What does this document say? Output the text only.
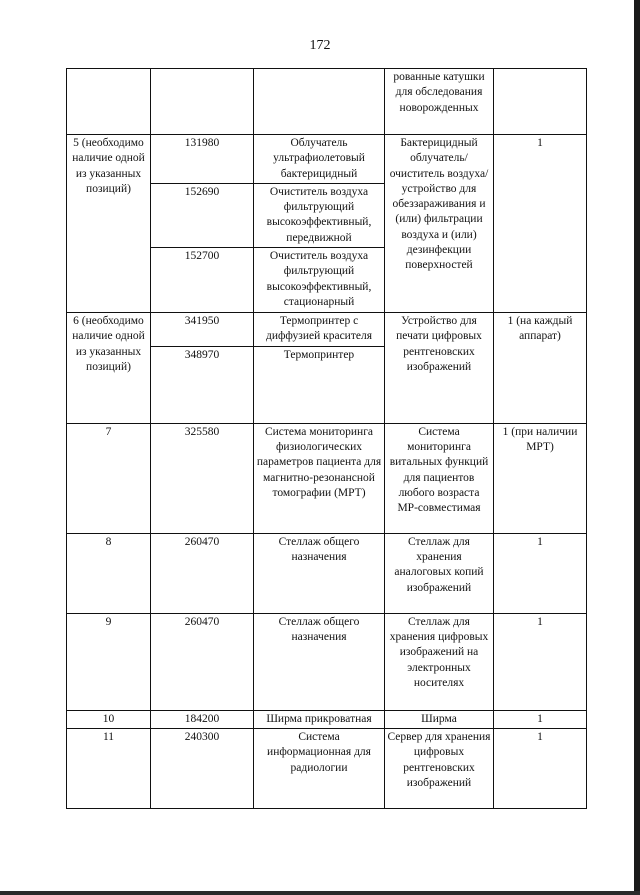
172
			рованные катушки для обследования новорожденных	
5 (необходимо наличие одной из указанных позиций)	131980	Облучатель ультрафиолетовый бактерицидный	Бактерицидный облучатель/ очиститель воздуха/ устройство для обеззараживания и (или) фильтрации воздуха и (или) дезинфекции поверхностей	1
	152690	Очиститель воздуха фильтрующий высокоэффективный, передвижной		
	152700	Очиститель воздуха фильтрующий высокоэффективный, стационарный		
6 (необходимо наличие одной из указанных позиций)	341950	Термопринтер с диффузией красителя	Устройство для печати цифровых рентгеновских изображений	1 (на каждый аппарат)
	348970	Термопринтер		
7	325580	Система мониторинга физиологических параметров пациента для магнитно-резонансной томографии (МРТ)	Система мониторинга витальных функций для пациентов любого возраста МР-совместимая	1 (при наличии МРТ)
8	260470	Стеллаж общего назначения	Стеллаж для хранения аналоговых копий изображений	1
9	260470	Стеллаж общего назначения	Стеллаж для хранения цифровых изображений на электронных носителях	1
10	184200	Ширма прикроватная	Ширма	1
11	240300	Система информационная для радиологии	Сервер для хранения цифровых рентгеновских изображений	1
